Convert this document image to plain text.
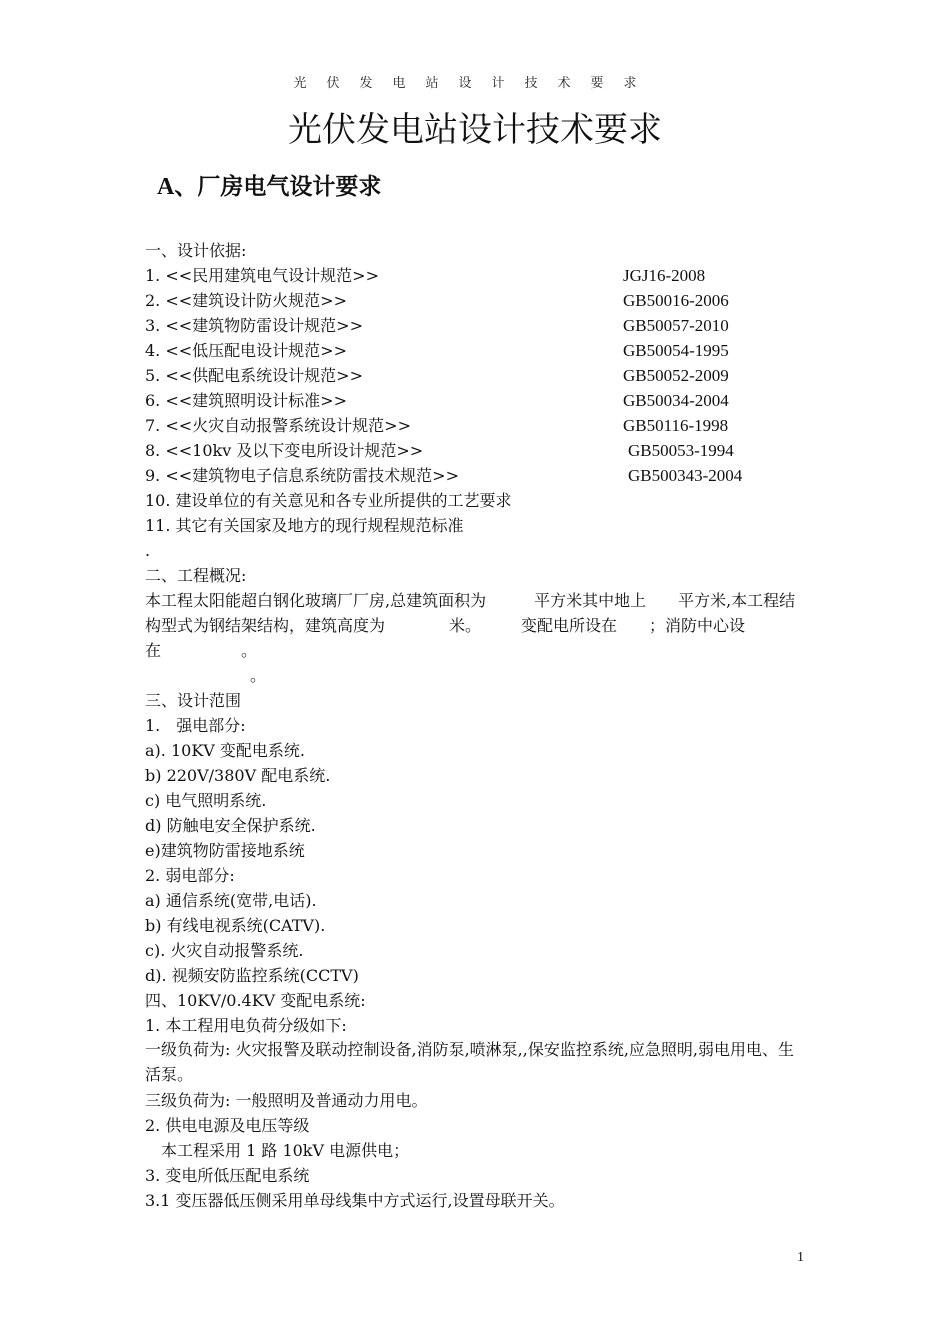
光伏发电站设计技术要求
光伏发电站设计技术要求
A、厂房电气设计要求
一、设计依据:
1. <<民用建筑电气设计规范>>	JGJ16-2008
2. <<建筑设计防火规范>>	GB50016-2006
3. <<建筑物防雷设计规范>>	GB50057-2010
4. <<低压配电设计规范>>	GB50054-1995
5. <<供配电系统设计规范>>	GB50052-2009
6. <<建筑照明设计标准>>	GB50034-2004
7. <<火灾自动报警系统设计规范>>	GB50116-1998
8. <<10kv 及以下变电所设计规范>>	GB50053-1994
9. <<建筑物电子信息系统防雷技术规范>>	GB500343-2004
10. 建设单位的有关意见和各专业所提供的工艺要求
11. 其它有关国家及地方的现行规程规范标准
.
二、工程概况:
本工程太阳能超白钢化玻璃厂厂房,总建筑面积为　　　平方米其中地上　　平方米,本工程结构型式为钢结架结构，建筑高度为　　　　米。　　　变配电所设在　　；消防中心设在　　　　　。
。
三、设计范围
1.　强电部分:
a). 10KV 变配电系统.
b) 220V/380V 配电系统.
c) 电气照明系统.
d) 防触电安全保护系统.
e)建筑物防雷接地系统
2. 弱电部分:
a) 通信系统(宽带,电话).
b) 有线电视系统(CATV).
c). 火灾自动报警系统.
d). 视频安防监控系统(CCTV)
四、10KV/0.4KV 变配电系统:
1. 本工程用电负荷分级如下:
一级负荷为: 火灾报警及联动控制设备,消防泵,喷淋泵,,保安监控系统,应急照明,弱电用电、生活泵。
三级负荷为: 一般照明及普通动力用电。
2. 供电电源及电压等级
　本工程采用 1 路 10kV 电源供电；
3. 变电所低压配电系统
3.1 变压器低压侧采用单母线集中方式运行,设置母联开关。
1
